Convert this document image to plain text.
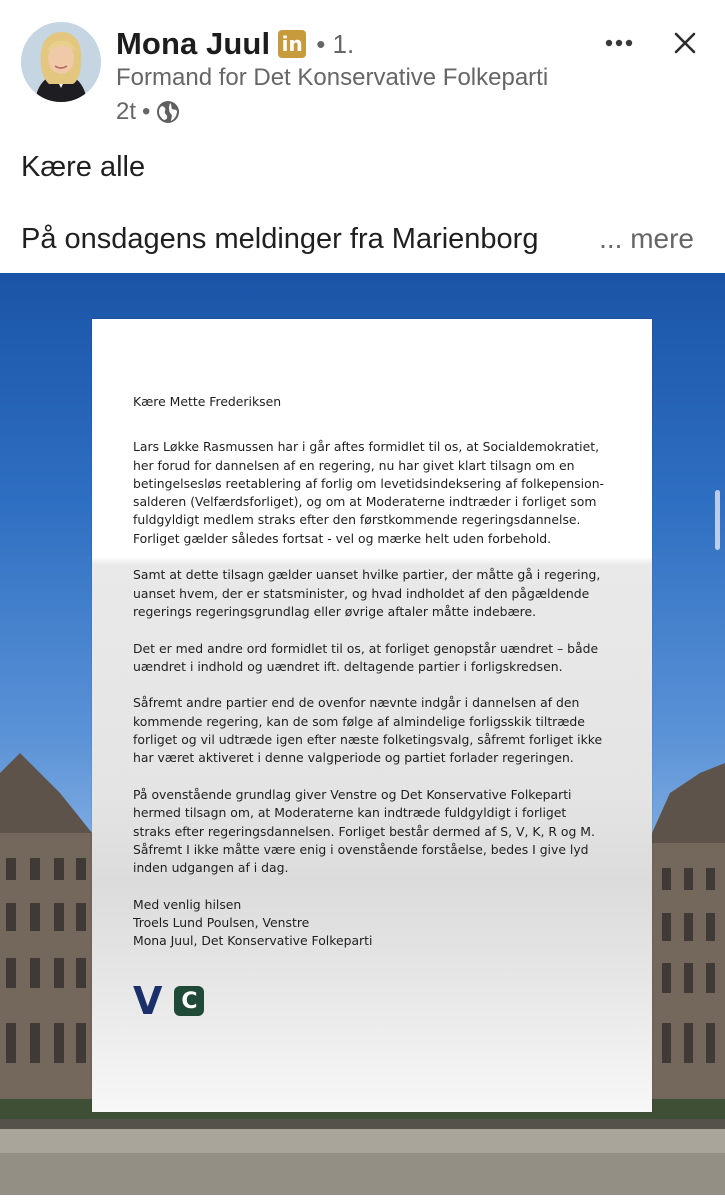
Mona Juul in • 1.
Formand for Det Konservative Folkeparti
2t •
Kære alle
På onsdagens meldinger fra Marienborg ... mere

Kære Mette Frederiksen

Lars Løkke Rasmussen har i går aftes formidlet til os, at Socialdemokratiet,
her forud for dannelsen af en regering, nu har givet klart tilsagn om en
betingelsesløs reetablering af forlig om levetidsindeksering af folkepension-
salderen (Velfærdsforliget), og om at Moderaterne indtræder i forliget som
fuldgyldigt medlem straks efter den førstkommende regeringsdannelse.
Forliget gælder således fortsat - vel og mærke helt uden forbehold.

Samt at dette tilsagn gælder uanset hvilke partier, der måtte gå i regering,
uanset hvem, der er statsminister, og hvad indholdet af den pågældende
regerings regeringsgrundlag eller øvrige aftaler måtte indebære.

Det er med andre ord formidlet til os, at forliget genopstår uændret – både
uændret i indhold og uændret ift. deltagende partier i forligskredsen.

Såfremt andre partier end de ovenfor nævnte indgår i dannelsen af den
kommende regering, kan de som følge af almindelige forligsskik tiltræde
forliget og vil udtræde igen efter næste folketingsvalg, såfremt forliget ikke
har været aktiveret i denne valgperiode og partiet forlader regeringen.

På ovenstående grundlag giver Venstre og Det Konservative Folkeparti
hermed tilsagn om, at Moderaterne kan indtræde fuldgyldigt i forliget
straks efter regeringsdannelsen. Forliget består dermed af S, V, K, R og M.
Såfremt I ikke måtte være enig i ovenstående forståelse, bedes I give lyd
inden udgangen af i dag.

Med venlig hilsen
Troels Lund Poulsen, Venstre
Mona Juul, Det Konservative Folkeparti

V C
